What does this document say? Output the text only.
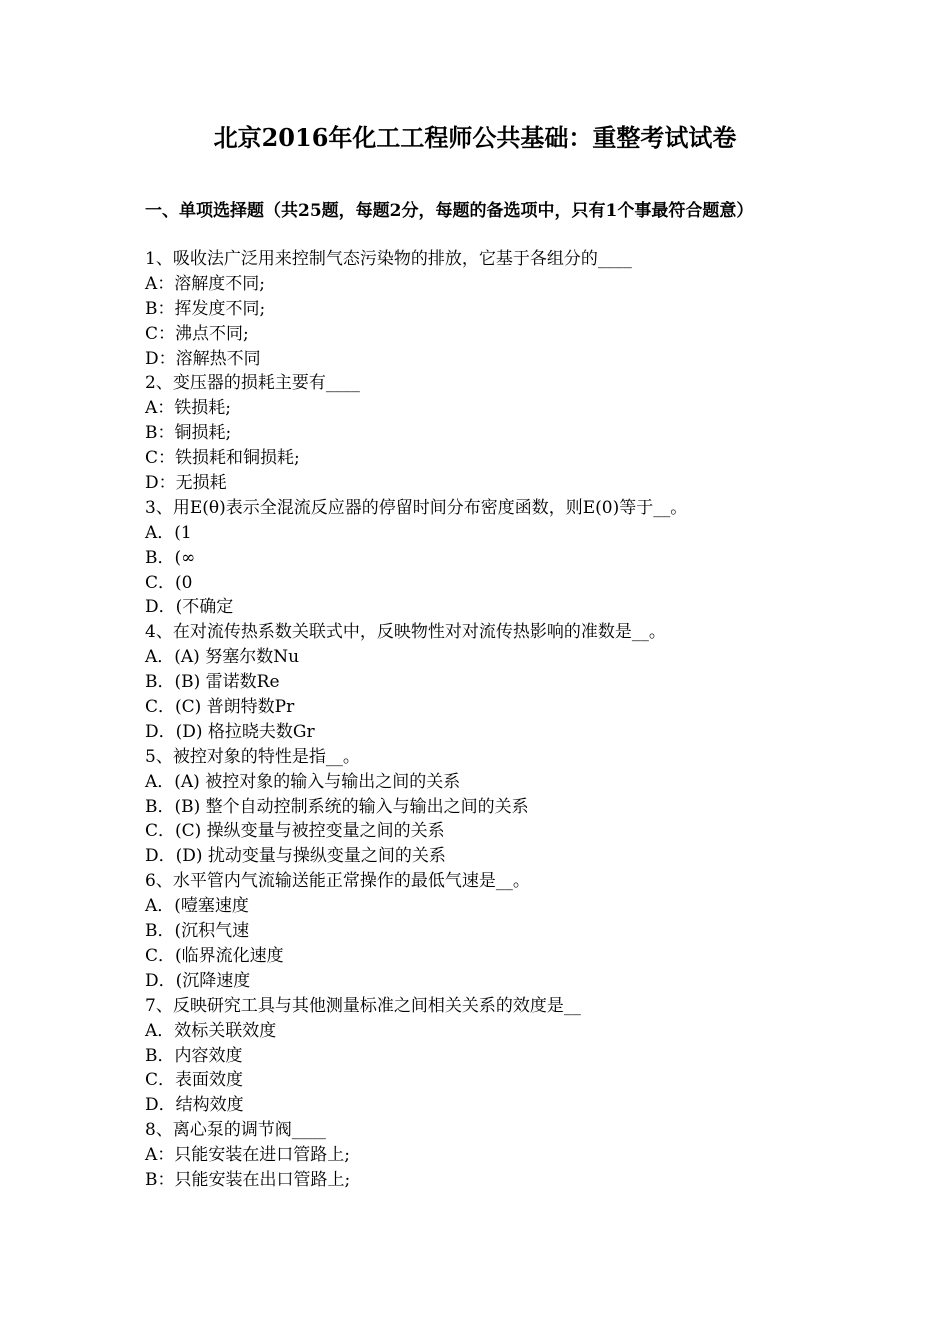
北京2016年化工工程师公共基础：重整考试试卷
一、单项选择题（共25题，每题2分，每题的备选项中，只有1个事最符合题意）
1、吸收法广泛用来控制气态污染物的排放，它基于各组分的____
A：溶解度不同;
B：挥发度不同;
C：沸点不同;
D：溶解热不同
2、变压器的损耗主要有____
A：铁损耗;
B：铜损耗;
C：铁损耗和铜损耗;
D：无损耗
3、用E(θ)表示全混流反应器的停留时间分布密度函数，则E(0)等于__。
A．(1
B．(∞
C．(0
D．(不确定
4、在对流传热系数关联式中，反映物性对对流传热影响的准数是__。
A．(A) 努塞尔数Nu
B．(B) 雷诺数Re
C．(C) 普朗特数Pr
D．(D) 格拉晓夫数Gr
5、被控对象的特性是指__。
A．(A) 被控对象的输入与输出之间的关系
B．(B) 整个自动控制系统的输入与输出之间的关系
C．(C) 操纵变量与被控变量之间的关系
D．(D) 扰动变量与操纵变量之间的关系
6、水平管内气流输送能正常操作的最低气速是__。
A．(噎塞速度
B．(沉积气速
C．(临界流化速度
D．(沉降速度
7、反映研究工具与其他测量标准之间相关关系的效度是__
A．效标关联效度
B．内容效度
C．表面效度
D．结构效度
8、离心泵的调节阀____
A：只能安装在进口管路上;
B：只能安装在出口管路上;
